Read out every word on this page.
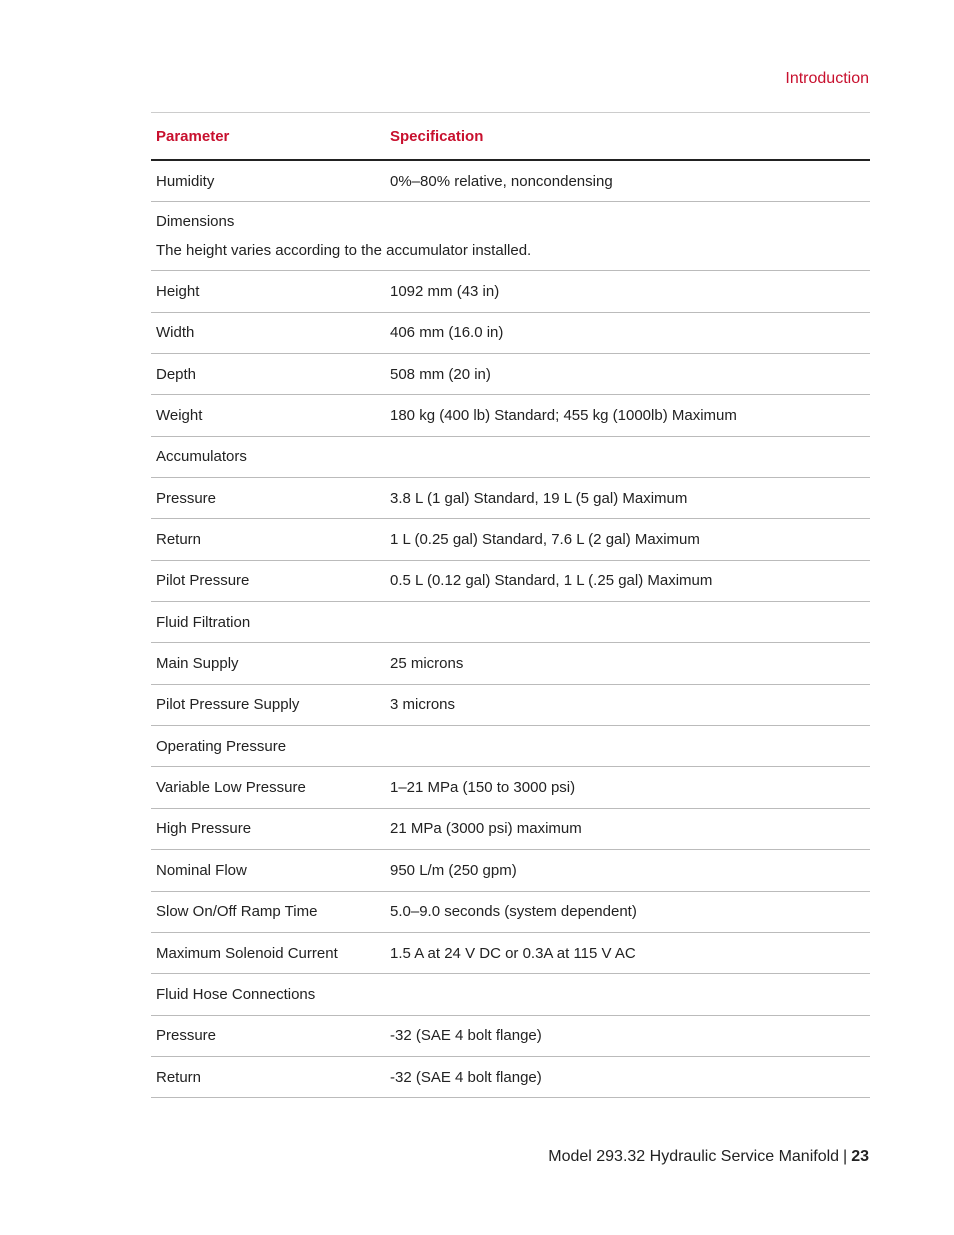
Introduction
Parameter	Specification
Humidity	0%–80% relative, noncondensing
Dimensions
The height varies according to the accumulator installed.
Height	1092 mm (43 in)
Width	406 mm (16.0 in)
Depth	508 mm (20 in)
Weight	180 kg (400 lb) Standard; 455 kg (1000lb) Maximum
Accumulators
Pressure	3.8 L (1 gal) Standard, 19 L (5 gal) Maximum
Return	1 L (0.25 gal) Standard, 7.6 L (2 gal) Maximum
Pilot Pressure	0.5 L (0.12 gal) Standard, 1 L (.25 gal) Maximum
Fluid Filtration
Main Supply	25 microns
Pilot Pressure Supply	3 microns
Operating Pressure
Variable Low Pressure	1–21 MPa (150 to 3000 psi)
High Pressure	21 MPa (3000 psi) maximum
Nominal Flow	950 L/m (250 gpm)
Slow On/Off Ramp Time	5.0–9.0 seconds (system dependent)
Maximum Solenoid Current	1.5 A at 24 V DC or 0.3A at 115 V AC
Fluid Hose Connections
Pressure	-32 (SAE 4 bolt flange)
Return	-32 (SAE 4 bolt flange)
Model 293.32 Hydraulic Service Manifold | 23
